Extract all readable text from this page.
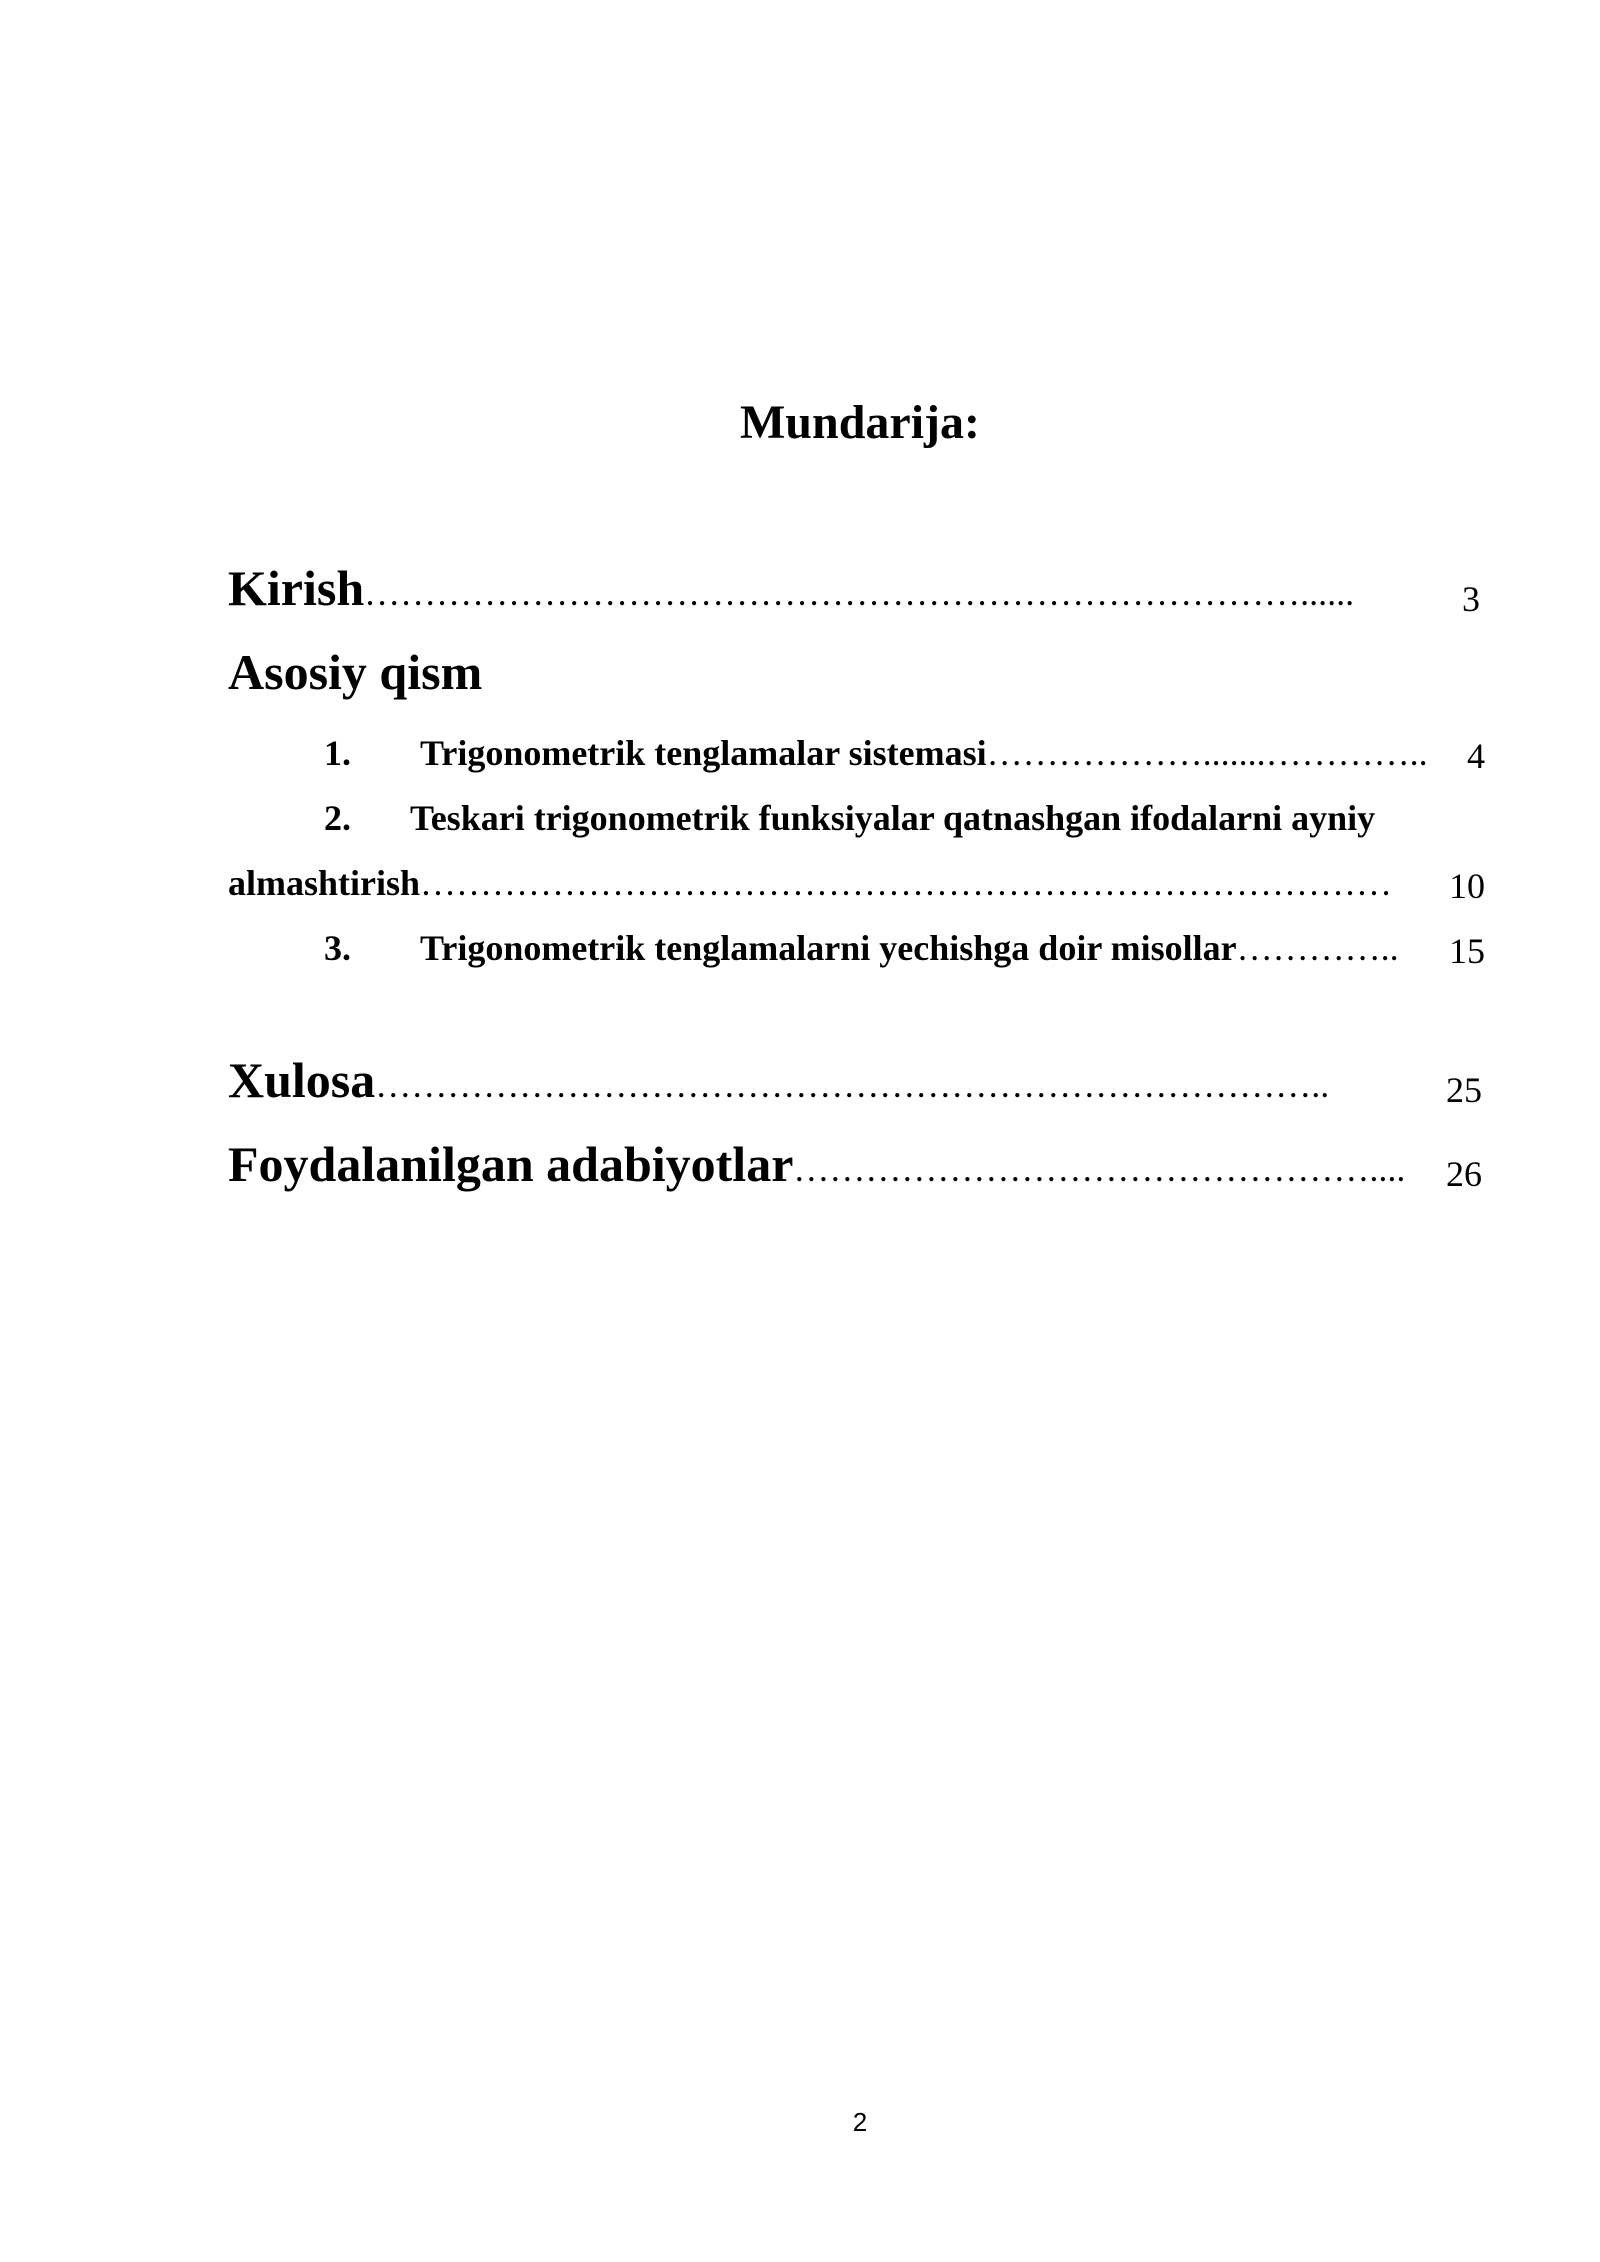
Mundarija:
Kirish……………………………………………………………………......	3
Asosiy qism
1. Trigonometrik tenglamalar sistemasi……………….......………….. 4
2. Teskari trigonometrik funksiyalar qatnashgan ifodalarni ayniy
almashtirish……………………………………………………………………… 10
3. Trigonometrik tenglamalarni yechishga doir misollar………….. 15
Xulosa……………………………………………………………………..	25
Foydalanilgan adabiyotlar………………………………………….... 26
2
